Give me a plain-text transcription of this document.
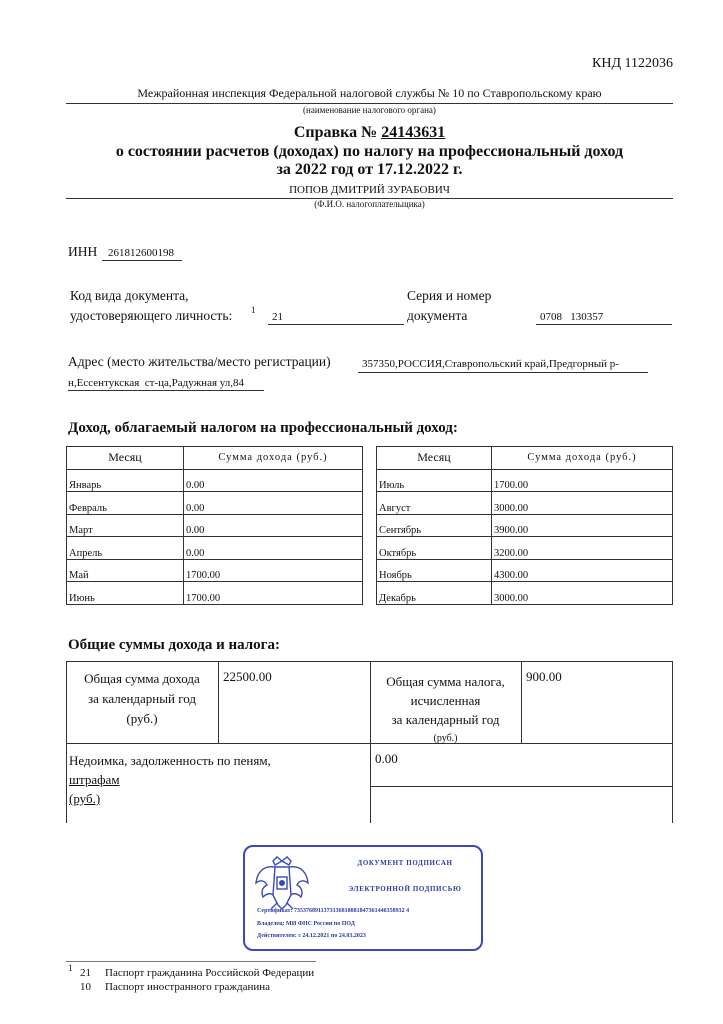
КНД 1122036
Межрайонная инспекция Федеральной налоговой службы № 10 по Ставропольскому краю
(наименование налогового органа)
Справка № 24143631
о состоянии расчетов (доходах) по налогу на профессиональный доход
за 2022 год от 17.12.2022 г.
ПОПОВ ДМИТРИЙ ЗУРАБОВИЧ
(Ф.И.О. налогоплательщика)
ИНН 261812600198
Код вида документа,
удостоверяющего личность: 1
21
Серия и номер
документа	0708   130357
Адрес (место жительства/место регистрации)	357350,РОССИЯ,Ставропольский край,Предгорный р-
н,Ессентукская  ст-ца,Радужная ул,84
Доход, облагаемый налогом на профессиональный доход:
Месяц	Сумма дохода (руб.)
Январь	0.00
Февраль	0.00
Март	0.00
Апрель	0.00
Май	1700.00
Июнь	1700.00
Месяц	Сумма дохода (руб.)
Июль	1700.00
Август	3000.00
Сентябрь	3900.00
Октябрь	3200.00
Ноябрь	4300.00
Декабрь	3000.00
Общие суммы дохода и налога:
Общая сумма дохода
за календарный год
(руб.)
22500.00	Общая сумма налога,
исчисленная
за календарный год
(руб.)
900.00
Недоимка, задолженность по пеням,
штрафам
(руб.)
0.00
ДОКУМЕНТ ПОДПИСАН
ЭЛЕКТРОННОЙ ПОДПИСЬЮ
Сертификат: 7353768911373136818881847361446358932 4
Владелец: МИ ФНС России по ПОД
Действителен: с 24.12.2021 по 24.03.2023
1 21 Паспорт гражданина Российской Федерации
10 Паспорт иностранного гражданина
